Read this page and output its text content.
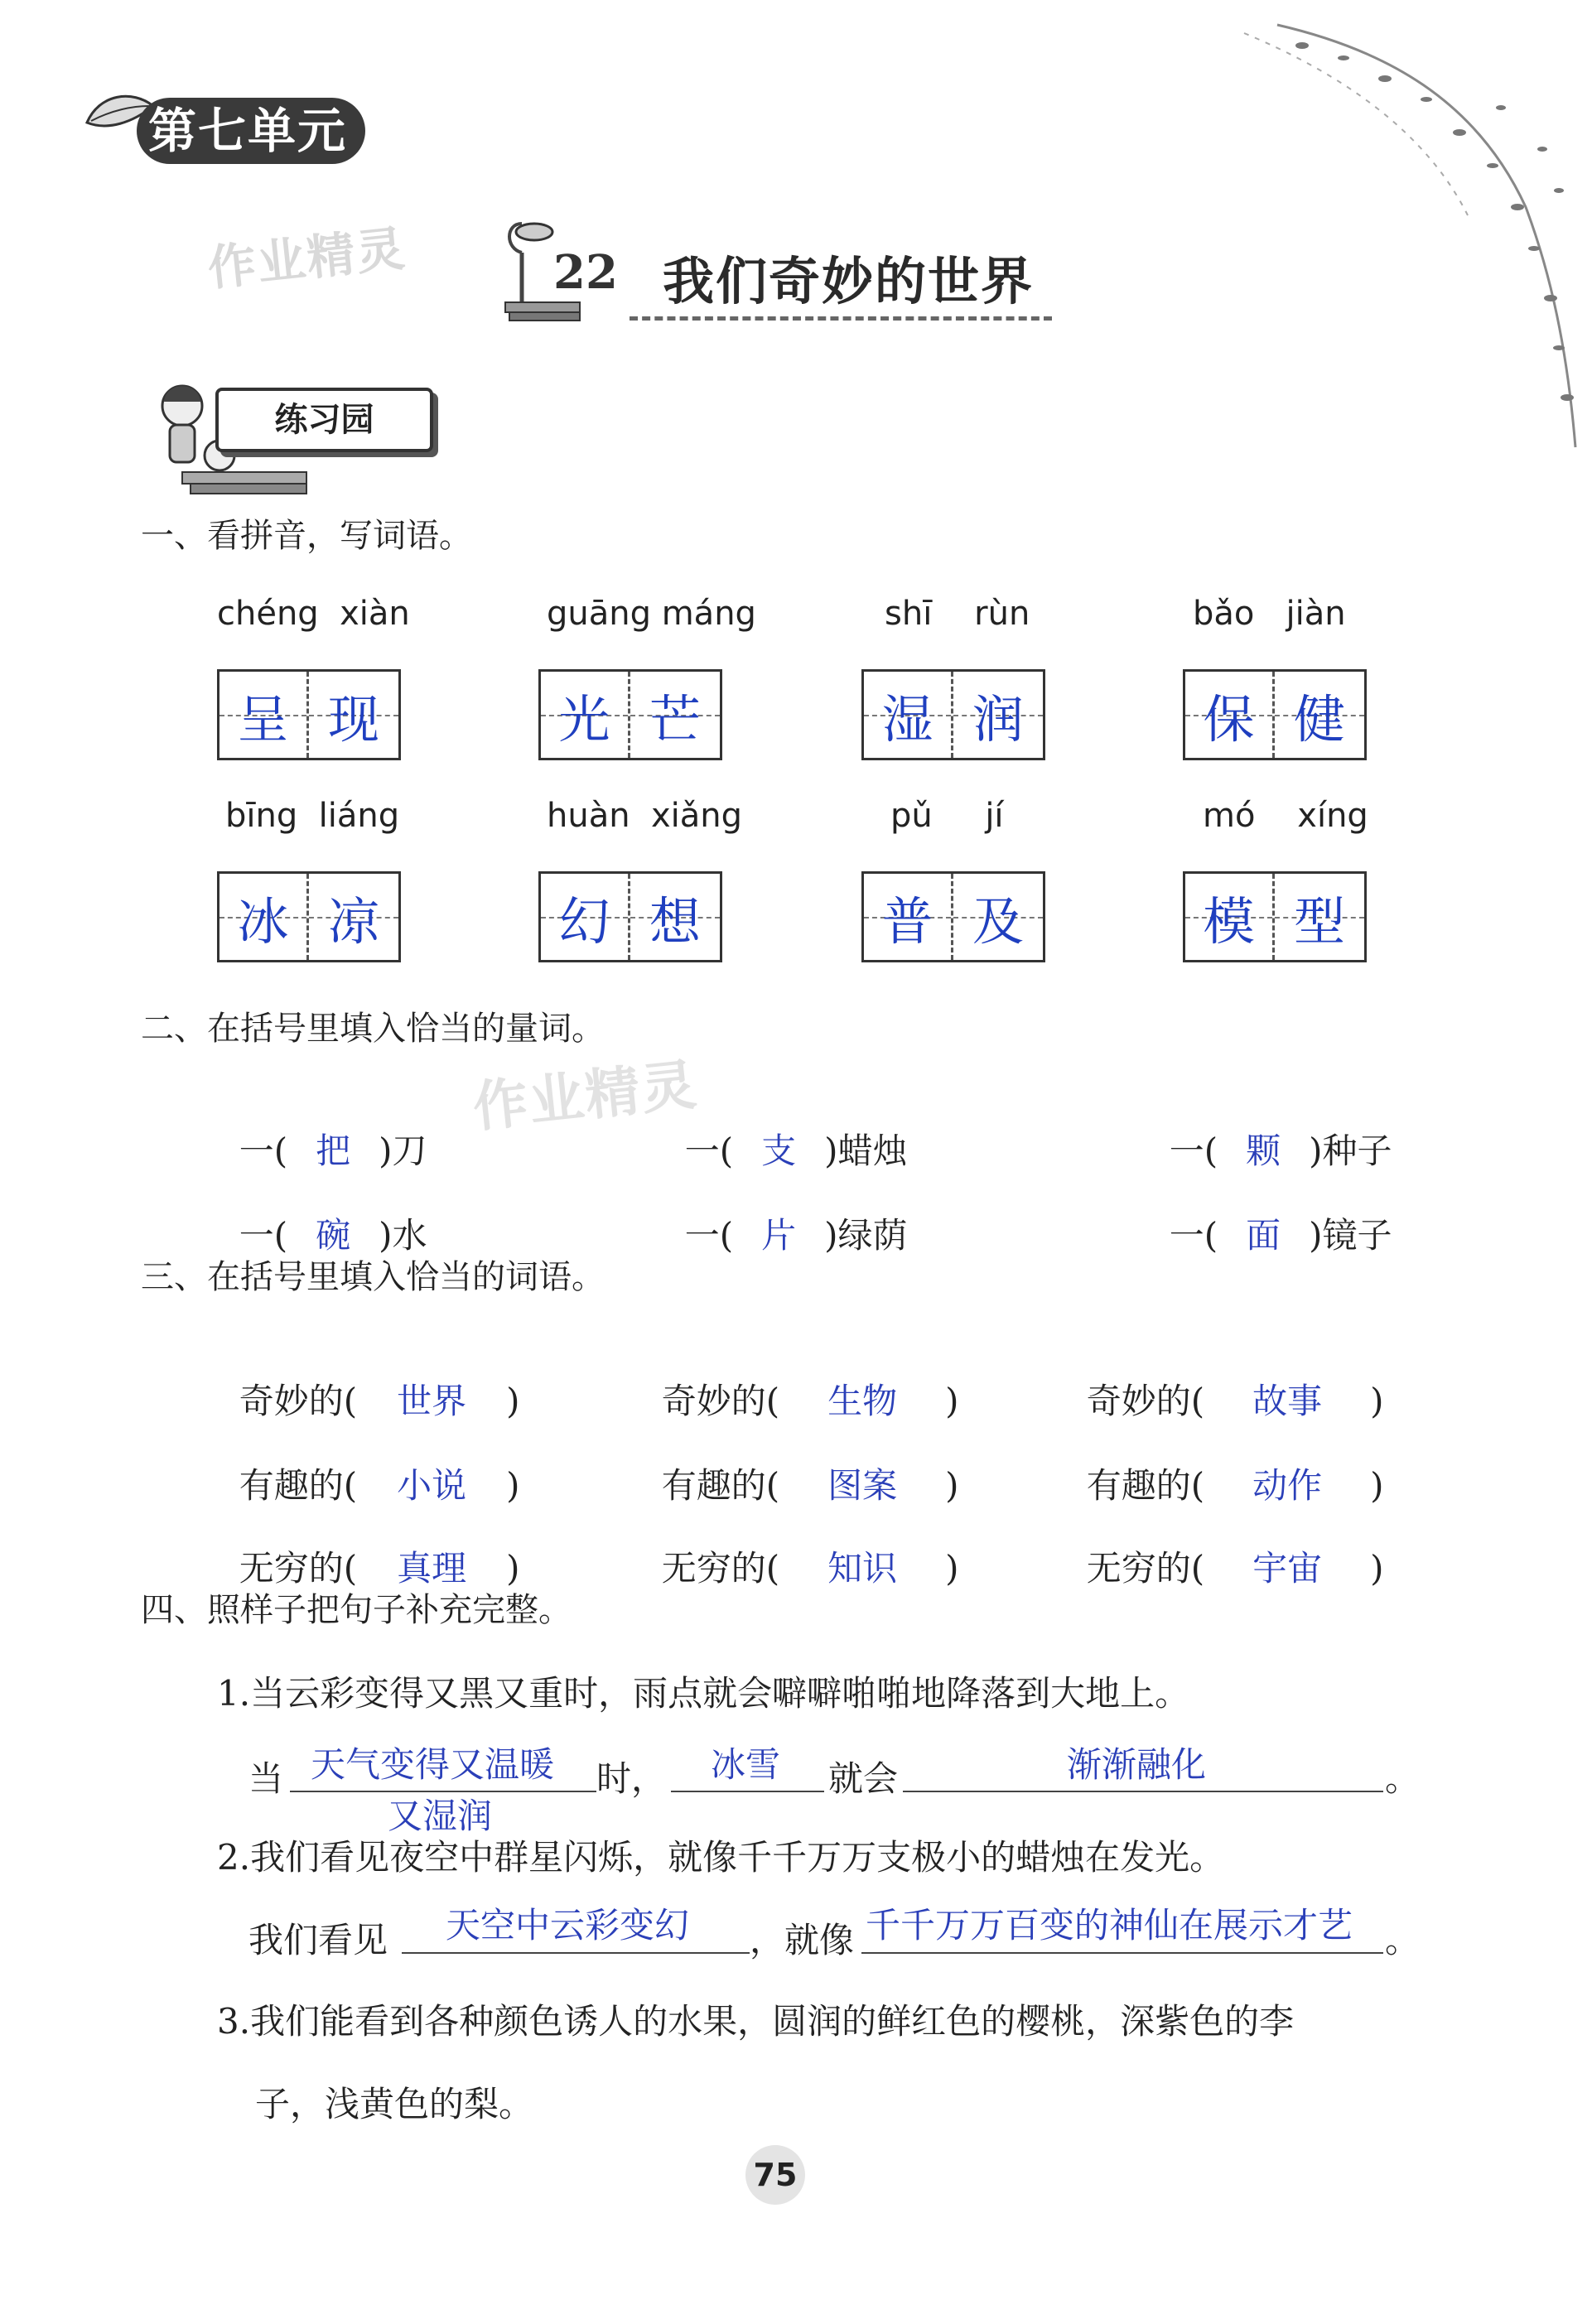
第七单元
作业精灵	22 我们奇妙的世界
练习园
一、看拼音，写词语。
chéng  xiàn	guāng máng	shī    rùn	bǎo   jiàn
呈 现	光 芒	湿 润	保 健
bīng  liáng	huàn  xiǎng	pǔ     jí	mó    xíng
冰 凉	幻 想	普 及	模 型
二、在括号里填入恰当的量词。
作业精灵

一( 把 )刀	一( 支 )蜡烛	一( 颗 )种子

一( 碗 )水	一( 片 )绿荫	一( 面 )镜子

三、在括号里填入恰当的词语。

奇妙的( 世界 )	奇妙的( 生物 )	奇妙的( 故事 )

有趣的( 小说 )	有趣的( 图案 )	有趣的( 动作 )

无穷的( 真理 )	无穷的( 知识 )	无穷的( 宇宙 )

四、照样子把句子补充完整。
1.当云彩变得又黑又重时，雨点就会噼噼啪啪地降落到大地上。
当 天气变得又温暖
又湿润
时， 冰雪 就会	渐渐融化	。
2.我们看见夜空中群星闪烁，就像千千万万支极小的蜡烛在发光。
我们看见 天空中云彩变幻 ，就像 千千万万百变的神仙在展示才艺 。
3.我们能看到各种颜色诱人的水果，圆润的鲜红色的樱桃，深紫色的李
子，浅黄色的梨。
75
